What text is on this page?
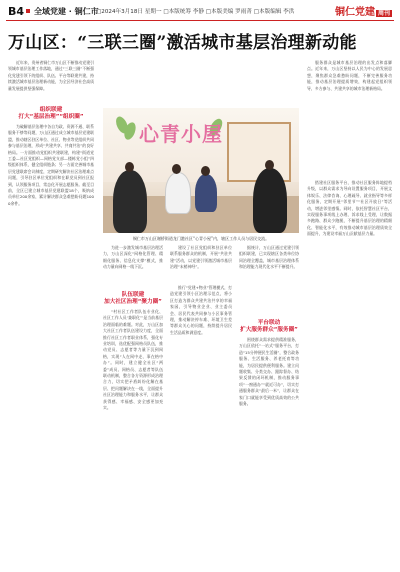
B4 全域党建 · 铜仁市
□2024年3月18日 星期一 □本版统筹 李静 □本版美编 罗雨菁 □本版编辑 李洪	铜仁党建 周刊
万山区：“三联三圈”激活城市基层治理新动能

近年来，贵州省铜仁市万山区不断推动党建引领城市基层治理工作落地，通过“三联三圈”不断强化党建引领下的组织、队伍、平台等联建共建，持续激活城市基层治理新动能，为全区经济社会高质量发展提供坚强保障。

组织联建
打大“基层治理”“组织圈”

为破解基层治理中各自为政、资源不通、联系服务不够等问题，万山区通过成立城市基层党建联盟，推动辖区驻区单位、社区、物业等党组织共同参与基层治理，形成“共建共享、共商共治”的良好格局。一方面推动党组织共建联建，构建“街道党工委—社区党组织—网格党支部—楼栋党小组”四级组织体系，健全组织链条；另一方面完善城市基层党建联席会议制度，定期研究解决社区治理难点问题，引导驻区单位党组织和在职党员到社区报到，认领服务项目，常态化开展志愿服务。截至目前，全区已建立城市基层党建联盟18个，吸纳成员单位200余家，累计解决群众急难愁盼问题1000余件。

心青小屋
铜仁市万山区谢桥街道龙门港社区“心青小屋”内，辖区工作人员与居民交流。

为进一步激发城市基层治理活力，万山区深化“网格化管理、精细化服务、信息化支撑”模式，推动力量向网格一线下沉。

队伍联建
加大社区治理“聚力圈”

“村社区工作者队伍专业化、社区工作人员‘兼职化’”是当前基层治理面临的难题。对此，万山区加大社区工作者队伍建设力度，全面推行社区工作者职业体系，强化专业培训，选优配强网格员队伍，推动党员、志愿者等力量下沉到网格，实现“人在网中走、事在格中办”。同时，建立健全社区“两委”成员、网格员、志愿者等队伍联动机制，整合各方资源形成治理合力，切实把矛盾纠纷化解在基层、把问题解决在一线，全面提升社区治理能力和服务水平，让群众获得感、幸福感、安全感更加充实。

建设了社区党组织和驻区单位联系服务群众的机制，开展“共驻共建”活动，以党建引领激活城市基层治理“末梢神经”。

推行“党建+物业”管理模式，打造党建引领小区治理示范点，将小区打造为群众共建共治共享的幸福家园，引导物业企业、业主委员会、居民代表共同参与小区事务管理，推动解决停车难、环境卫生差等群众关心的问题，持续提升居民生活品质和满意度。

据统计，万山区通过党建引领组织联建，已实现辖区各类单位协同治理全覆盖，城市基层治理体系和治理能力现代化水平不断提升。

平台联动
扩大服务群众“服务圈”

围绕群众需求提供精准服务，万山区依托“一站式”服务平台，打造“15分钟便民生活圈”，整合政务服务、生活服务、养老托育等功能，为居民提供便利服务。建立问题收集、分类交办、跟踪督办、结果反馈的闭环机制，推动服务事项“一窗通办”“就近可办”，切实打通服务群众“最后一米”，让群众在家门口就能享受到优质高效的公共服务。

服务群众是城市基层治理的出发点和落脚点。近年来，万山区坚持以人民为中心的发展思想，聚焦群众急难愁盼问题，不断完善服务功能，推动基层治理提质增效，构建起党组织领导、多方参与、共建共享的城市治理新格局。

搭建社区服务平台，推动社区服务阵地提档升级，以群众需求为导向设置服务项目，开展文体娱乐、法律咨询、心理疏导、就业指导等多样化服务，定期开展“邻里节”“社区开放日”等活动，增进邻里感情。同时，依托智慧社区平台，实现服务事项线上办理、诉求线上受理，让数据多跑路、群众少跑腿，不断提升基层治理的精细化、智能化水平，有效推动城市基层治理质效全面提升，为建设幸福万山贡献基层力量。
